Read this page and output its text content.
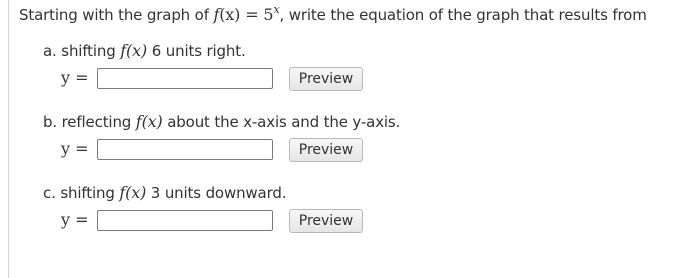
Starting with the graph of $f(x) = 5^x$, write the equation of the graph that results from
a. shifting f(x) 6 units right.
y =	Preview
b. reflecting f(x) about the x-axis and the y-axis.
y =	Preview
c. shifting f(x) 3 units downward.
y =	Preview
